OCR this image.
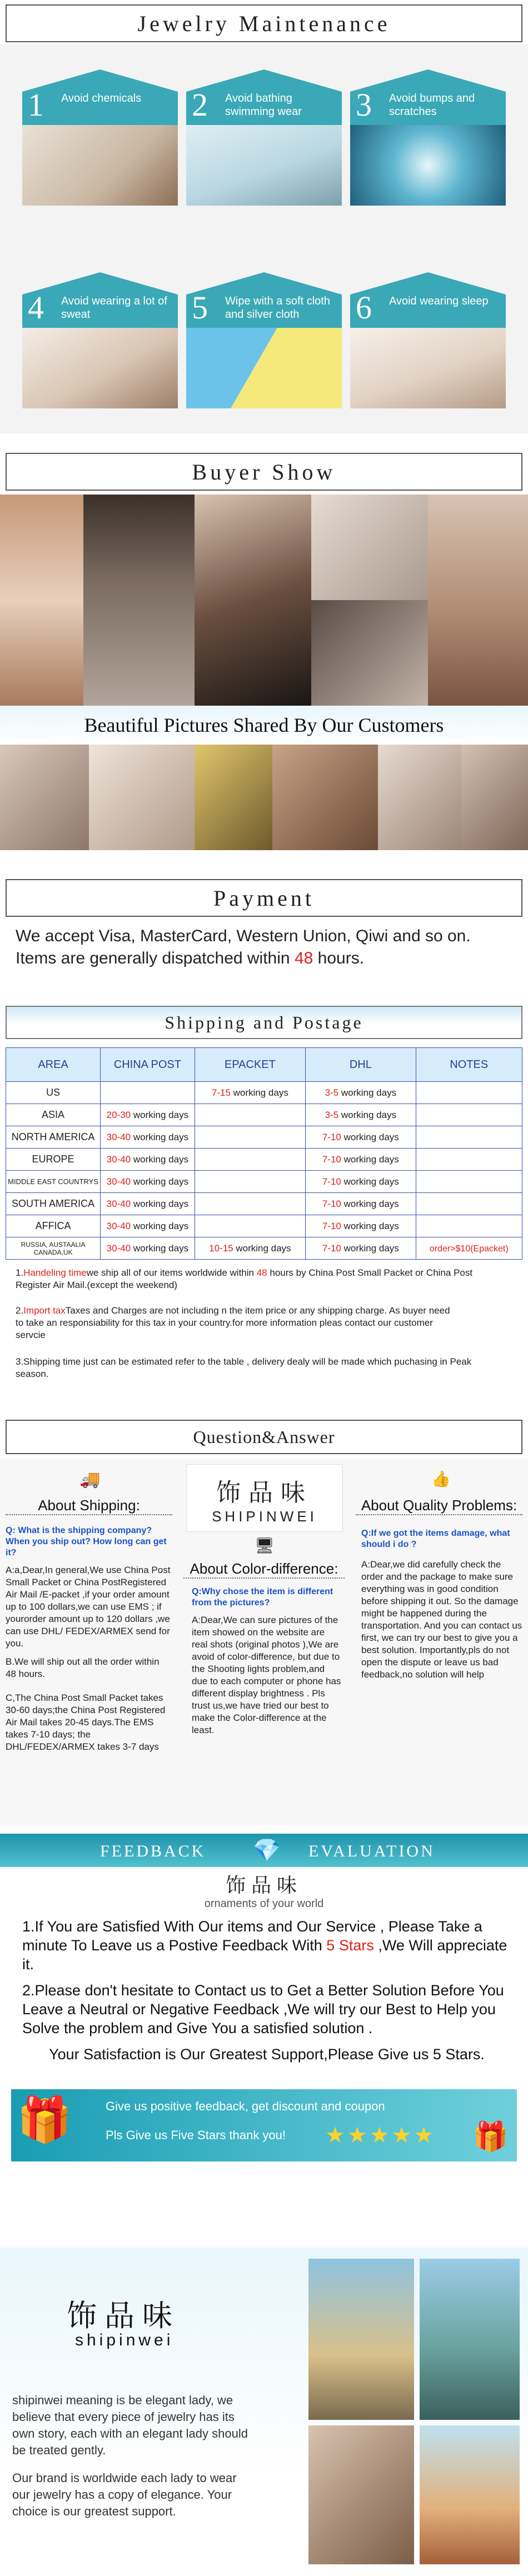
Jewelry Maintenance
1 Avoid chemicals 2 Avoid bathing swimming wear	3 Avoid bumps and scratches
4 Avoid wearing a lot of sweat	5 Wipe with a soft cloth and silver cloth	6 Avoid wearing sleep
Buyer Show
Beautiful Pictures Shared By Our Customers
Payment
We accept Visa, MasterCard, Western Union, Qiwi and so on.
Items are generally dispatched within 48 hours.
Shipping and Postage
AREA	CHINA POST	EPACKET	DHL	NOTES
US		7-15 working days	3-5 working days	
ASIA	20-30 working days		3-5 working days	
NORTH AMERICA	30-40 working days		7-10 working days	
EUROPE	30-40 working days		7-10 working days	
MIDDLE EAST COUNTRYS	30-40 working days		7-10 working days	
SOUTH AMERICA	30-40 working days		7-10 working days	
AFFICA	30-40 working days		7-10 working days	
RUSSIA, AUSTAALIA CANADA,UK	30-40 working days	10-15 working days	7-10 working days	order>$10(Epacket)
1.Handeling timewe ship all of our items worldwide within 48 hours by China Post Small Packet or China Post Register Air Mail.(except the weekend)
2.Import taxTaxes and Charges are not including n the item price or any shipping charge. As buyer need to take an responsiability for this tax in your country.for more information pleas contact our customer servcie
3.Shipping time just can be estimated refer to the table , delivery dealy will be made which puchasing in Peak season.
Question&Answer
饰品味
SHIPINWEI
🚚
About Shipping:
Q: What is the shipping company? When you ship out? How long can get it?
A:a,Dear,In general,We use China Post Small Packet or China PostRegistered Air Mail /E-packet ,if your order amount up to 100 dollars,we can use EMS ; if yourorder amount up to 120 dollars ,we can use DHL/ FEDEX/ARMEX send for you.
B.We will ship out all the order within 48 hours.
C,The China Post Small Packet takes 30-60 days;the China Post Registered Air Mail takes 20-45 days.The EMS takes 7-10 days; the DHL/FEDEX/ARMEX takes 3-7 days
🖥
About Color-difference:
Q:Why chose the item is different from the pictures?
A:Dear,We can sure pictures of the item showed on the website are real shots (original photos ),We are avoid of color-difference, but due to the Shooting lights problem,and due to each computer or phone has different display brightness . Pls trust us,we have tried our best to make the Color-difference at the least.
👍
About Quality Problems:
Q:If we got the items damage, what should i do ?
A:Dear,we did carefully check the order and the package to make sure everything was in good condition before shipping it out. So the damage might be happened during the transportation. And you can contact us first, we can try our best to give you a best solution. Importantly,pls do not open the dispute or leave us bad feedback,no solution will help
FEEDBACK 💎 EVALUATION
饰品味
ornaments of your world
1.If You are Satisfied With Our items and Our Service , Please Take a minute To Leave us a Postive Feedback With 5 Stars ,We Will appreciate it.
2.Please don't hesitate to Contact us to Get a Better Solution Before You Leave a Neutral or Negative Feedback ,We will try our Best to Help you Solve the problem and Give You a satisfied solution .
Your Satisfaction is Our Greatest Support,Please Give us 5 Stars.
🎁	Give us positive feedback, get discount and coupon
Pls Give us Five Stars thank you! ★★★★★ 🎁
饰品味
shipinwei
shipinwei meaning is be elegant lady, we believe that every piece of jewelry has its own story, each with an elegant lady should be treated gently.
Our brand is worldwide each lady to wear our jewelry has a copy of elegance. Your choice is our greatest support.
